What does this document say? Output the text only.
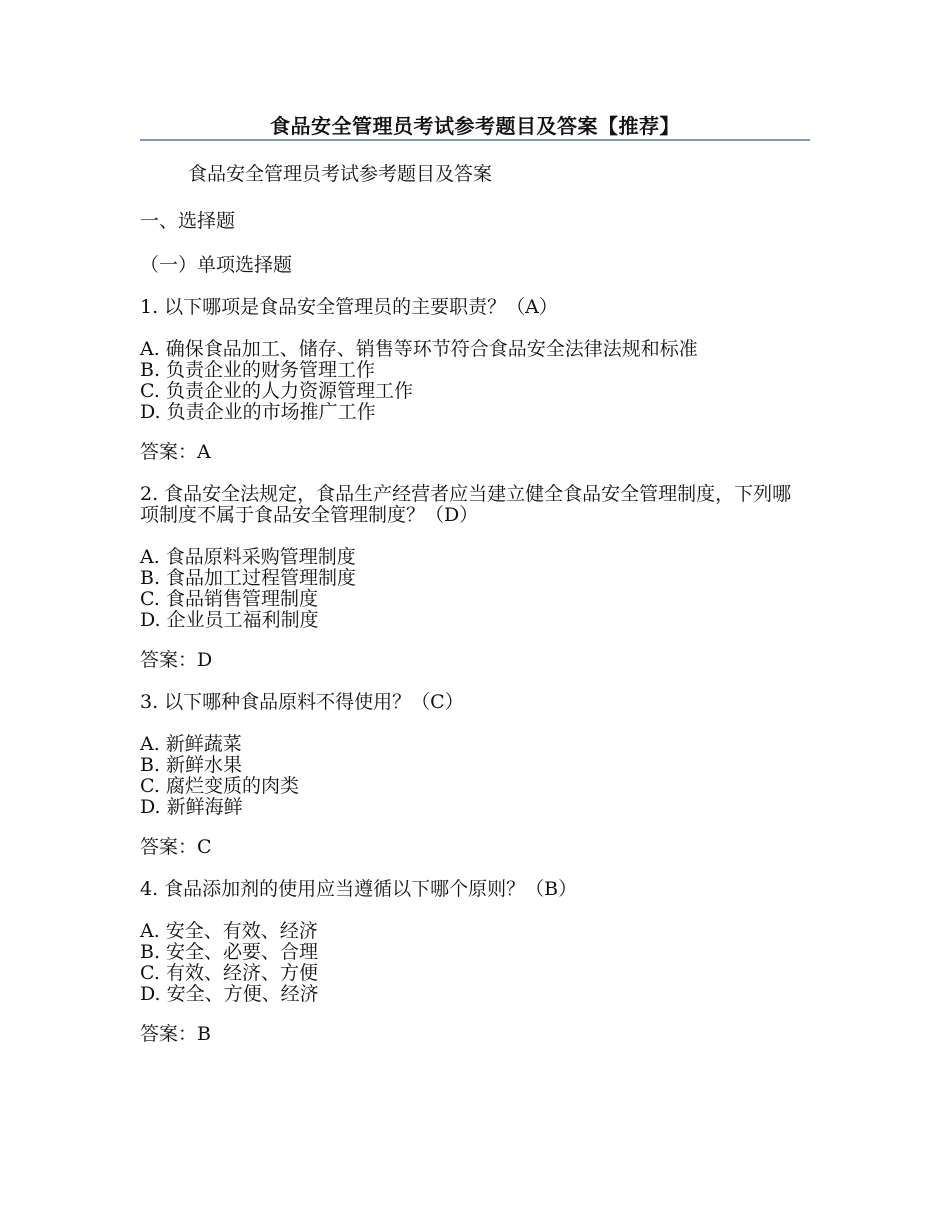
食品安全管理员考试参考题目及答案【推荐】

食品安全管理员考试参考题目及答案

一、选择题

（一）单项选择题

1. 以下哪项是食品安全管理员的主要职责？（A）

A. 确保食品加工、储存、销售等环节符合食品安全法律法规和标准

B. 负责企业的财务管理工作

C. 负责企业的人力资源管理工作

D. 负责企业的市场推广工作

答案：A

2. 食品安全法规定，食品生产经营者应当建立健全食品安全管理制度，下列哪项制度不属于食品安全管理制度？（D）

A. 食品原料采购管理制度

B. 食品加工过程管理制度

C. 食品销售管理制度

D. 企业员工福利制度

答案：D

3. 以下哪种食品原料不得使用？（C）

A. 新鲜蔬菜

B. 新鲜水果

C. 腐烂变质的肉类

D. 新鲜海鲜

答案：C

4. 食品添加剂的使用应当遵循以下哪个原则？（B）

A. 安全、有效、经济

B. 安全、必要、合理

C. 有效、经济、方便

D. 安全、方便、经济

答案：B
